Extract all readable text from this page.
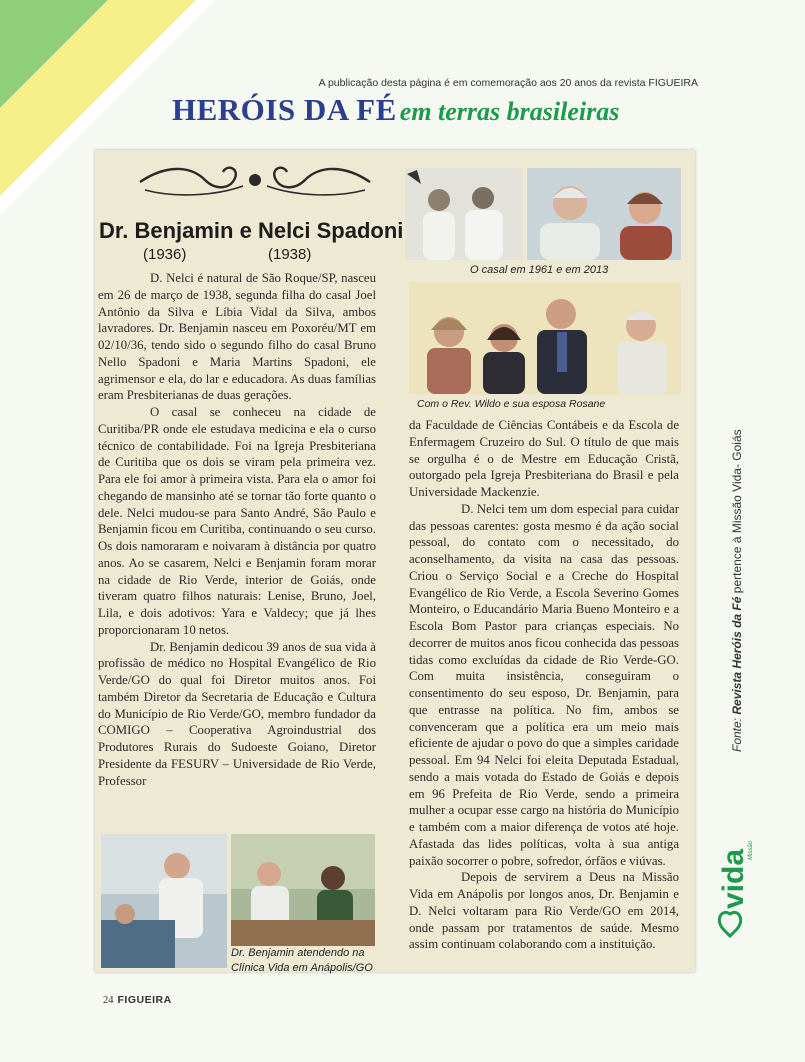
A publicação desta página é em comemoração aos 20 anos da revista FIGUEIRA
HERÓIS DA FÉ em terras brasileiras
Dr. Benjamin e Nelci Spadoni
(1936)	(1938)

D. Nelci é natural de São Roque/SP, nasceu em 26 de março de 1938, segunda filha do casal Joel Antônio da Silva e Líbia Vidal da Silva, ambos lavradores. Dr. Benjamin nasceu em Poxoréu/MT em 02/10/36, tendo sido o segundo filho do casal Bruno Nello Spadoni e Maria Martins Spadoni, ele agrimensor e ela, do lar e educadora. As duas famílias eram Presbiterianas de duas gerações.

O casal se conheceu na cidade de Curitiba/PR onde ele estudava medicina e ela o curso técnico de contabilidade. Foi na Igreja Presbiteriana de Curitiba que os dois se viram pela primeira vez. Para ele foi amor à primeira vista. Para ela o amor foi chegando de mansinho até se tornar tão forte quanto o dele. Nelci mudou-se para Santo André, São Paulo e Benjamin ficou em Curitiba, continuando o seu curso. Os dois namoraram e noivaram à distância por quatro anos. Ao se casarem, Nelci e Benjamin foram morar na cidade de Rio Verde, interior de Goiás, onde tiveram quatro filhos naturais: Lenise, Bruno, Joel, Lila, e dois adotivos: Yara e Valdecy; que já lhes proporcionaram 10 netos.

Dr. Benjamin dedicou 39 anos de sua vida à profissão de médico no Hospital Evangélico de Rio Verde/GO do qual foi Diretor muitos anos. Foi também Diretor da Secretaria de Educação e Cultura do Município de Rio Verde/GO, membro fundador da COMIGO – Cooperativa Agroindustrial dos Produtores Rurais do Sudoeste Goiano, Diretor Presidente da FESURV – Universidade de Rio Verde, Professor

O casal em 1961 e em 2013
Com o Rev. Wildo e sua esposa Rosane

da Faculdade de Ciências Contábeis e da Escola de Enfermagem Cruzeiro do Sul. O título de que mais se orgulha é o de Mestre em Educação Cristã, outorgado pela Igreja Presbiteriana do Brasil e pela Universidade Mackenzie.

D. Nelci tem um dom especial para cuidar das pessoas carentes: gosta mesmo é da ação social pessoal, do contato com o necessitado, do aconselhamento, da visita na casa das pessoas. Criou o Serviço Social e a Creche do Hospital Evangélico de Rio Verde, a Escola Severino Gomes Monteiro, o Educandário Maria Bueno Monteiro e a Escola Bom Pastor para crianças especiais. No decorrer de muitos anos ficou conhecida das pessoas tidas como excluídas da cidade de Rio Verde-GO. Com muita insistência, conseguiram o consentimento do seu esposo, Dr. Benjamin, para que entrasse na política. No fim, ambos se convenceram que a política era um meio mais eficiente de ajudar o povo do que a simples caridade pessoal. Em 94 Nelci foi eleita Deputada Estadual, sendo a mais votada do Estado de Goiás e depois em 96 Prefeita de Rio Verde, sendo a primeira mulher a ocupar esse cargo na história do Município e também com a maior diferença de votos até hoje. Afastada das lides políticas, volta à sua antiga paixão socorrer o pobre, sofredor, órfãos e viúvas.

Depois de servirem a Deus na Missão Vida em Anápolis por longos anos, Dr. Benjamin e D. Nelci voltaram para Rio Verde/GO em 2014, onde passam por tratamentos de saúde. Mesmo assim continuam colaborando com a instituição.

Dr. Benjamin atendendo na
Clínica Vida em Anápolis/GO
Fonte: Revista Heróis da Fé pertence à Missão Vida- Goiás
vida
Missão
24 FIGUEIRA
